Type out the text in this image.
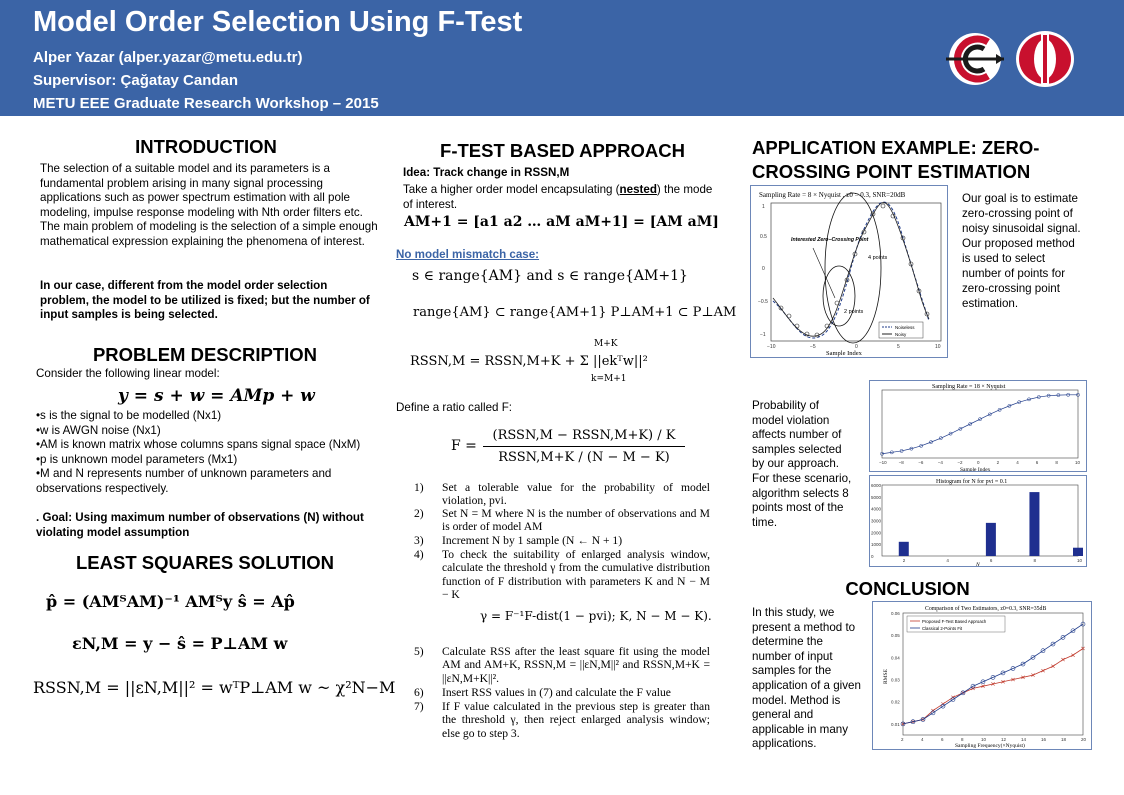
Model Order Selection Using F-Test
Alper Yazar (alper.yazar@metu.edu.tr)
Supervisor: Çağatay Candan
METU EEE Graduate Research Workshop – 2015
INTRODUCTION
The selection of a suitable model and its parameters is a fundamental problem arising in many signal processing applications such as power spectrum estimation with all pole modeling, impulse response modeling with Nth order filters etc. The main problem of modeling is the selection of a simple enough mathematical expression explaining the phenomena of interest.
In our case, different from the model order selection problem, the model to be utilized is fixed; but the number of input samples is being selected.
PROBLEM DESCRIPTION
Consider the following linear model:
y = s + w = AMp + w
•s is the signal to be modelled (Nx1)
•w is AWGN noise (Nx1)
•AM is known matrix whose columns spans signal space (NxM)
•p is unknown model parameters (Mx1)
•M and N represents number of unknown parameters and observations respectively.
. Goal: Using maximum number of observations (N) without violating model assumption
LEAST SQUARES SOLUTION
p̂ = (AMᵀAM)⁻¹ AMᵀy ŝ = Ap̂
εN,M = y − ŝ = P⊥AM w
RSSN,M = ||εN,M||² = wᵀP⊥AM w ~ χ²N−M
F-TEST BASED APPROACH
Idea: Track change in RSSN,M
Take a higher order model encapsulating (nested) the mode of interest.
AM+1 = [a1 a2 … aM aM+1] = [AM aM]
No model mismatch case:
s ∈ range{AM} and s ∈ range{AM+1}
range{AM} ⊂ range{AM+1} P⊥AM+1 ⊂ P⊥AM
RSSN,M = RSSN,M+K + Σ ||ekᵀw||²
M+K
k=M+1
Define a ratio called F:
F =
(RSSN,M − RSSN,M+K) / K
RSSN,M+K / (N − M − K)
1) Set a tolerable value for the probability of model violation, pvi.
2) Set N = M where N is the number of observations and M is order of model AM
3) Increment N by 1 sample (N ← N + 1)
4) To check the suitability of enlarged analysis window, calculate the threshold γ from the cumulative distribution function of F distribution with parameters K and N − M − K
γ = F⁻¹F-dist(1 − pvi); K, N − M − K).
5) Calculate RSS after the least square fit using the model AM and AM+K, RSSN,M = ||εN,M||² and RSSN,M+K = ||εN,M+K||².
6) Insert RSS values in (7) and calculate the F value
7) If F value calculated in the previous step is greater than the threshold γ, then reject enlarged analysis window; else go to step 3.
APPLICATION EXAMPLE: ZERO-
CROSSING POINT ESTIMATION
Sampling Rate = 8 × Nyquist , z0 = 0.3, SNR=20dB
1
0.5
0
−0.5
−1
−10	−5	0	5	10
Sample Index
Interested Zero−Crossing Point
4 points
2 points
Noiseless
Noisy
Our goal is to estimate zero-crossing point of noisy sinusoidal signal. Our proposed method is used to select number of points for zero-crossing point estimation.
Sampling Rate = 18 × Nyquist
−10	−8	−6	−4	−2	0	2	4	6	8	10
Sample Index
Histogram for N for pvi = 0.1
6000
5000
4000
3000
2000
1000
0
2	4	6	8	10
N
Probability of model violation affects number of samples selected by our approach. For these scenario, algorithm selects 8 points most of the time.
CONCLUSION
In this study, we present a method to determine the number of input samples for the application of a given model. Method is general and applicable in many applications.
Comparison of Two Estimators, z0=0.3, SNR=35dB
RMSE
0.06
0.05
0.04
0.03
0.02
0.01
2	4	6	8	10	12	14	16	18	20
Sampling Frequency(×Nyquist)
Proposed F-Test Based Approach
Classical 2-Points Fit
